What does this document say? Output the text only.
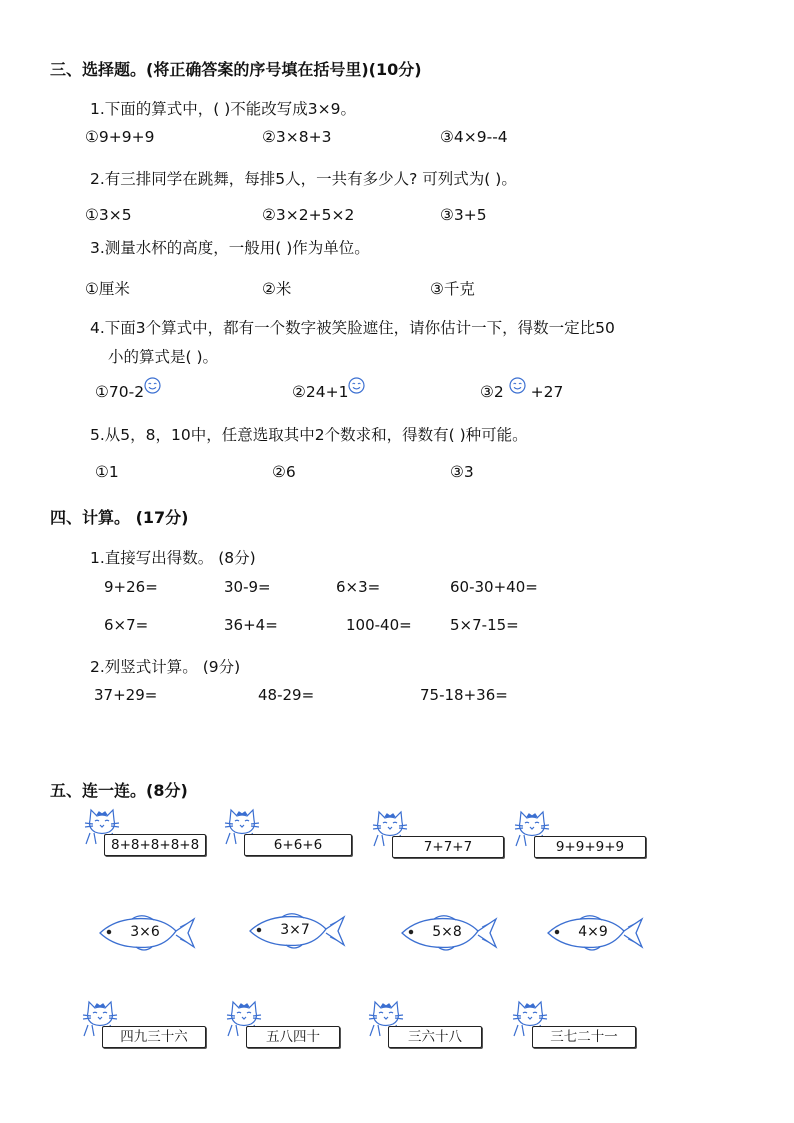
三、选择题。(将正确答案的序号填在括号里)(10分)
1.下面的算式中，( )不能改写成3×9。
①9+9+9	②3×8+3	③4×9--4
2.有三排同学在跳舞，每排5人，一共有多少人? 可列式为( )。
①3×5	②3×2+5×2	③3+5
3.测量水杯的高度，一般用( )作为单位。
①厘米	②米	③千克
4.下面3个算式中，都有一个数字被笑脸遮住，请你估计一下，得数一定比50
小的算式是( )。
①70-2	②24+1	③2 +27
5.从5，8，10中，任意选取其中2个数求和，得数有( )种可能。
①1	②6	③3
四、计算。 (17分)
1.直接写出得数。 (8分)
9+26=	30-9=	6×3=	60-30+40=
6×7=	36+4=	100-40=	5×7-15=
2.列竖式计算。 (9分)
37+29=	48-29=	75-18+36=
五、连一连。(8分)
8+8+8+8+8	6+6+6	7+7+7	9+9+9+9
3×6	3×7	5×8	4×9
四九三十六	五八四十	三六十八	三七二十一
